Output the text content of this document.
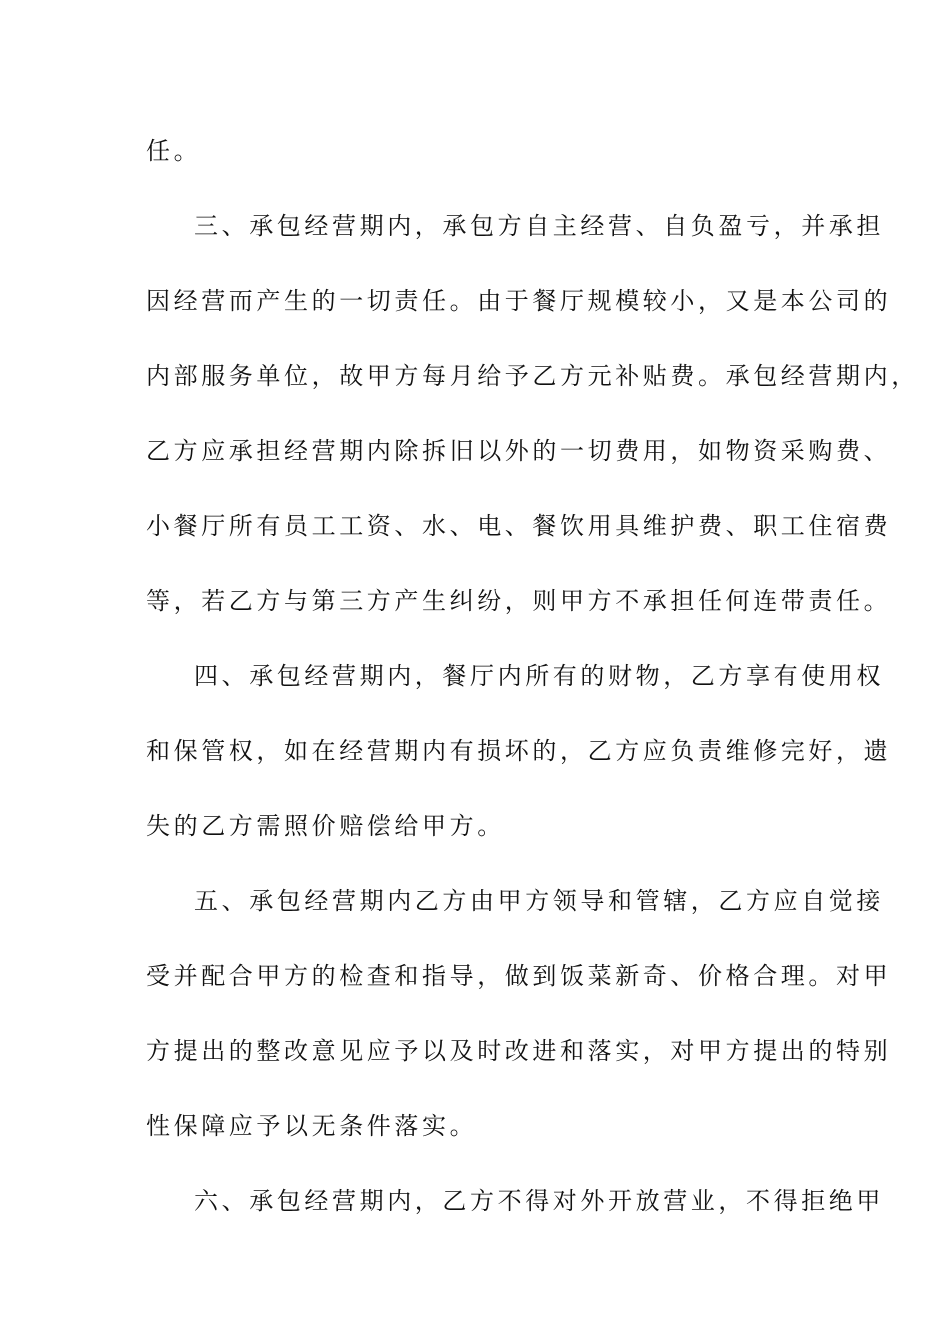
任。
三、承包经营期内，承包方自主经营、自负盈亏，并承担
因经营而产生的一切责任。由于餐厅规模较小，又是本公司的
内部服务单位，故甲方每月给予乙方元补贴费。承包经营期内，
乙方应承担经营期内除拆旧以外的一切费用，如物资采购费、
小餐厅所有员工工资、水、电、餐饮用具维护费、职工住宿费
等，若乙方与第三方产生纠纷，则甲方不承担任何连带责任。
四、承包经营期内，餐厅内所有的财物，乙方享有使用权
和保管权，如在经营期内有损坏的，乙方应负责维修完好，遗
失的乙方需照价赔偿给甲方。
五、承包经营期内乙方由甲方领导和管辖，乙方应自觉接
受并配合甲方的检查和指导，做到饭菜新奇、价格合理。对甲
方提出的整改意见应予以及时改进和落实，对甲方提出的特别
性保障应予以无条件落实。
六、承包经营期内，乙方不得对外开放营业，不得拒绝甲
